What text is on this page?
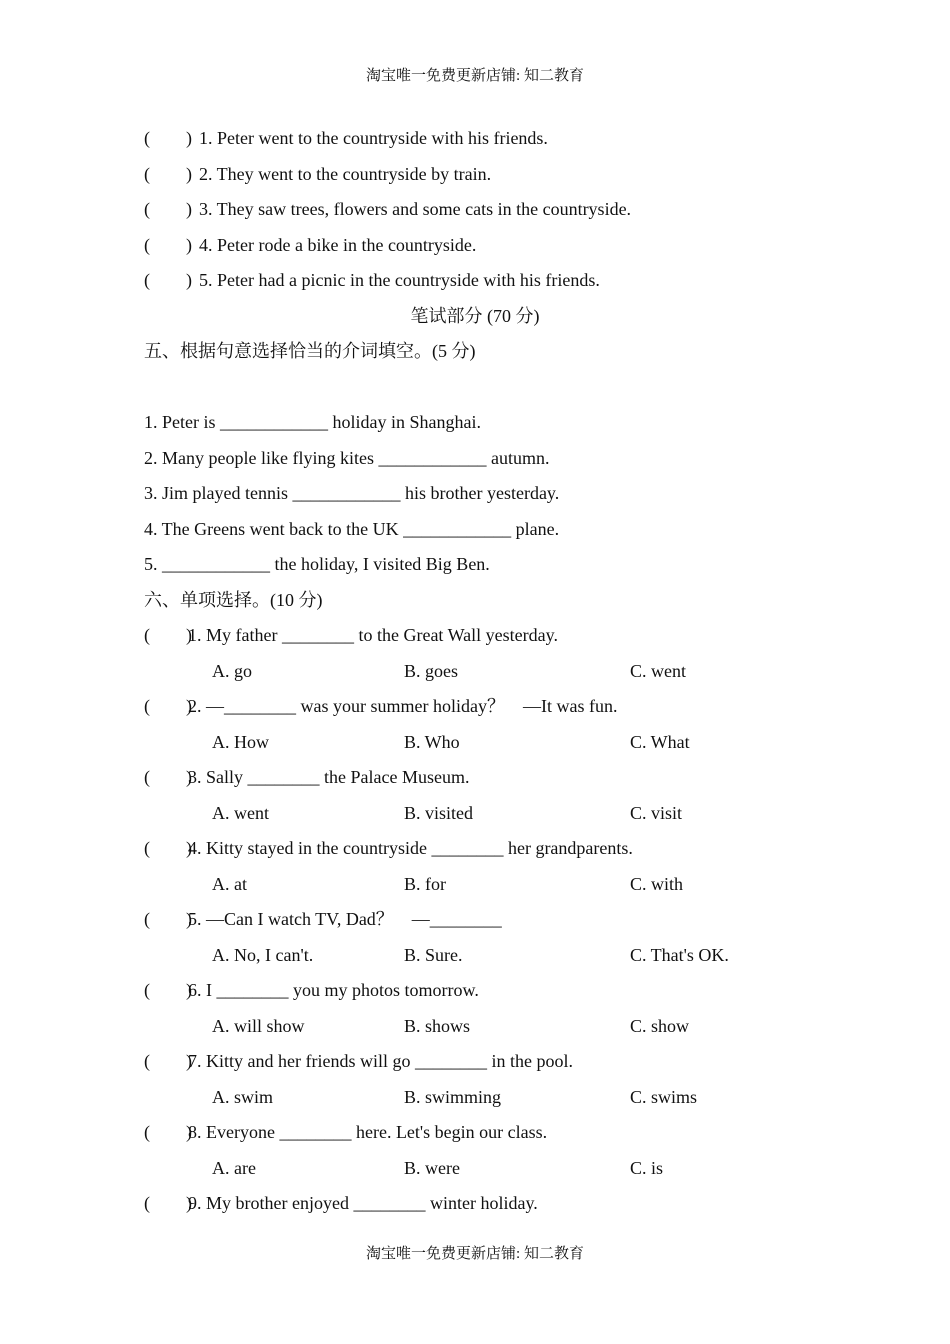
淘宝唯一免费更新店铺: 知二教育
(        ) 1. Peter went to the countryside with his friends.
(        ) 2. They went to the countryside by train.
(        ) 3. They saw trees, flowers and some cats in the countryside.
(        ) 4. Peter rode a bike in the countryside.
(        ) 5. Peter had a picnic in the countryside with his friends.
笔试部分 (70 分)
五、根据句意选择恰当的介词填空。(5 分)
1. Peter is ____________ holiday in Shanghai.
2. Many people like flying kites ____________ autumn.
3. Jim played tennis ____________ his brother yesterday.
4. The Greens went back to the UK ____________ plane.
5. ____________ the holiday, I visited Big Ben.
六、单项选择。(10 分)
(        )1. My father ________ to the Great Wall yesterday.

A. go

	B. goes

	C. went

(        )2. —________ was your summer holiday？    —It was fun.

A. How

	B. Who

	C. What

(        )3. Sally ________ the Palace Museum.

A. went

	B. visited

	C. visit

(        )4. Kitty stayed in the countryside ________ her grandparents.

A. at

	B. for

	C. with

(        )5. —Can I watch TV, Dad？    —________

A. No, I can't.

	B. Sure.

	C. That's OK.

(        )6. I ________ you my photos tomorrow.

A. will show

	B. shows

	C. show

(        )7. Kitty and her friends will go ________ in the pool.

A. swim

	B. swimming

	C. swims

(        )8. Everyone ________ here. Let's begin our class.

A. are

	B. were

	C. is

(        )9. My brother enjoyed ________ winter holiday.
淘宝唯一免费更新店铺: 知二教育
